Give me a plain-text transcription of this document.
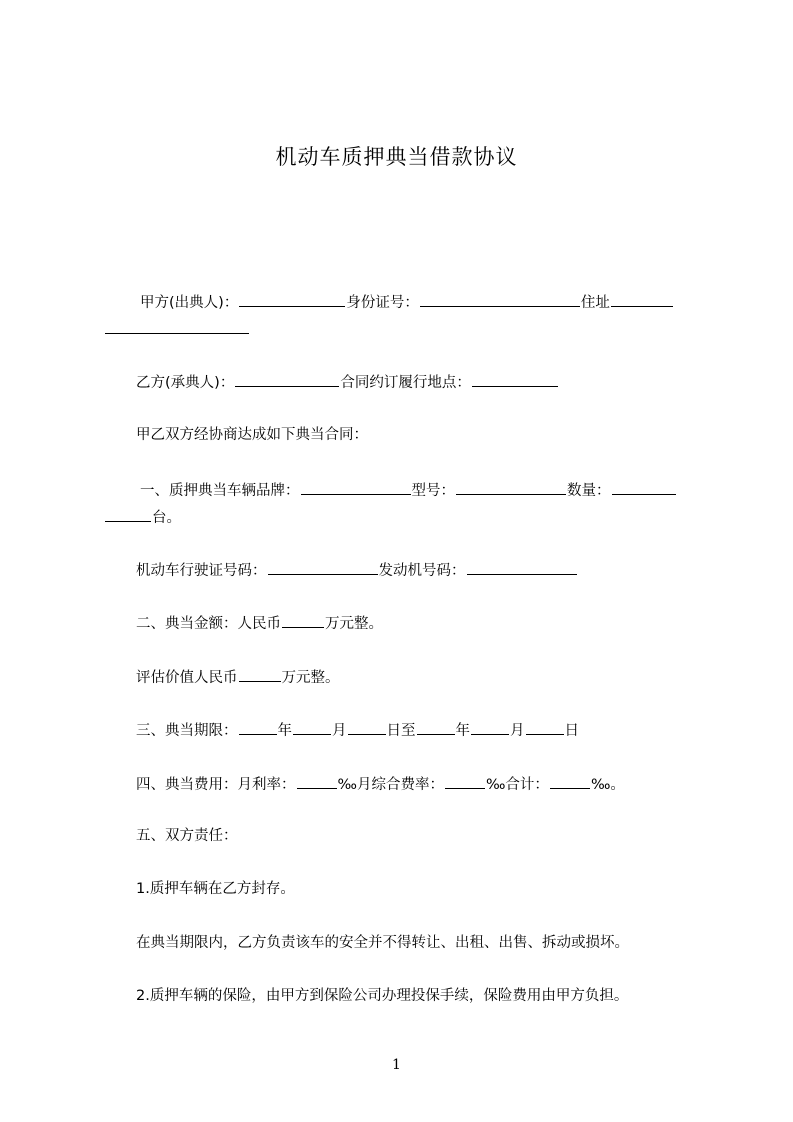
机动车质押典当借款协议
甲方(出典人)：	身份证号：	住址
乙方(承典人)：	合同约订履行地点：
甲乙双方经协商达成如下典当合同：
一、质押典当车辆品牌：	型号：	数量：
台。
机动车行驶证号码：	发动机号码：
二、典当金额：人民币	万元整。
评估价值人民币	万元整。
三、典当期限：	年	月	日至	年	月	日
四、典当费用：月利率：	‰月综合费率：	‰合计：	‰。
五、双方责任：
1.质押车辆在乙方封存。
在典当期限内，乙方负责该车的安全并不得转让、出租、出售、拆动或损坏。
2.质押车辆的保险，由甲方到保险公司办理投保手续，保险费用由甲方负担。
1
